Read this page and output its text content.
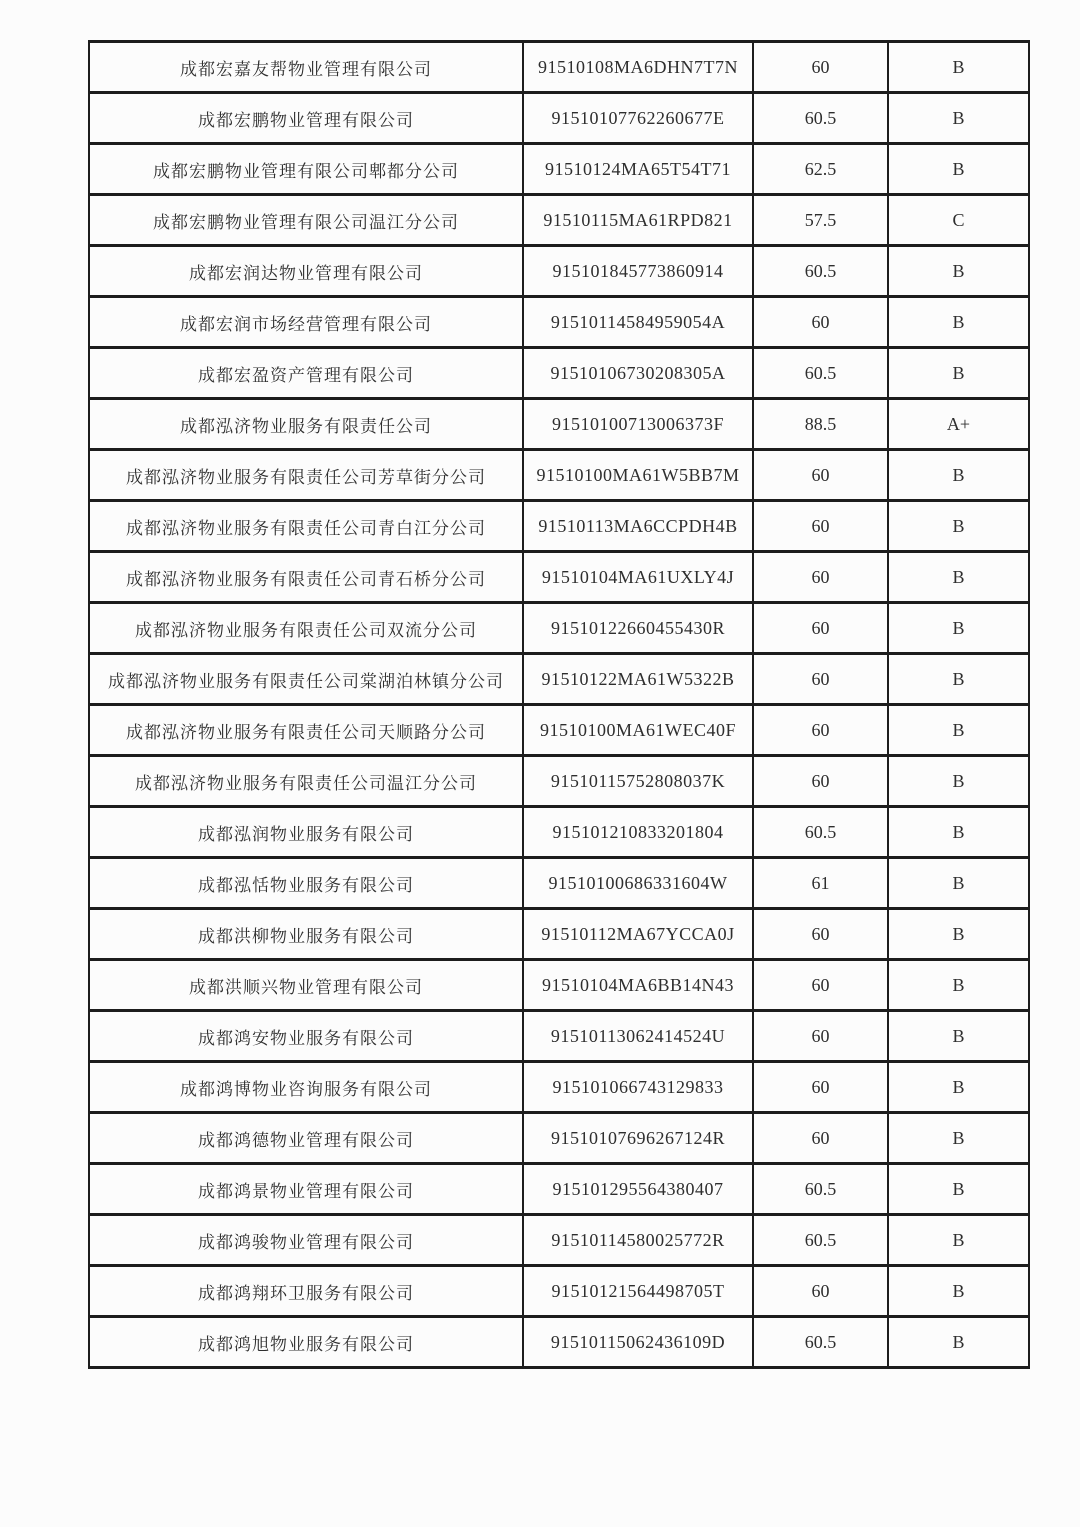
成都宏嘉友帮物业管理有限公司	91510108MA6DHN7T7N	60	B
成都宏鹏物业管理有限公司	91510107762260677E	60.5	B
成都宏鹏物业管理有限公司郫都分公司	91510124MA65T54T71	62.5	B
成都宏鹏物业管理有限公司温江分公司	91510115MA61RPD821	57.5	C
成都宏润达物业管理有限公司	915101845773860914	60.5	B
成都宏润市场经营管理有限公司	91510114584959054A	60	B
成都宏盈资产管理有限公司	91510106730208305A	60.5	B
成都泓济物业服务有限责任公司	91510100713006373F	88.5	A+
成都泓济物业服务有限责任公司芳草街分公司	91510100MA61W5BB7M	60	B
成都泓济物业服务有限责任公司青白江分公司	91510113MA6CCPDH4B	60	B
成都泓济物业服务有限责任公司青石桥分公司	91510104MA61UXLY4J	60	B
成都泓济物业服务有限责任公司双流分公司	91510122660455430R	60	B
成都泓济物业服务有限责任公司棠湖泊林镇分公司	91510122MA61W5322B	60	B
成都泓济物业服务有限责任公司天顺路分公司	91510100MA61WEC40F	60	B
成都泓济物业服务有限责任公司温江分公司	91510115752808037K	60	B
成都泓润物业服务有限公司	915101210833201804	60.5	B
成都泓恬物业服务有限公司	91510100686331604W	61	B
成都洪柳物业服务有限公司	91510112MA67YCCA0J	60	B
成都洪顺兴物业管理有限公司	91510104MA6BB14N43	60	B
成都鸿安物业服务有限公司	91510113062414524U	60	B
成都鸿博物业咨询服务有限公司	915101066743129833	60	B
成都鸿德物业管理有限公司	91510107696267124R	60	B
成都鸿景物业管理有限公司	915101295564380407	60.5	B
成都鸿骏物业管理有限公司	91510114580025772R	60.5	B
成都鸿翔环卫服务有限公司	91510121564498705T	60	B
成都鸿旭物业服务有限公司	91510115062436109D	60.5	B
